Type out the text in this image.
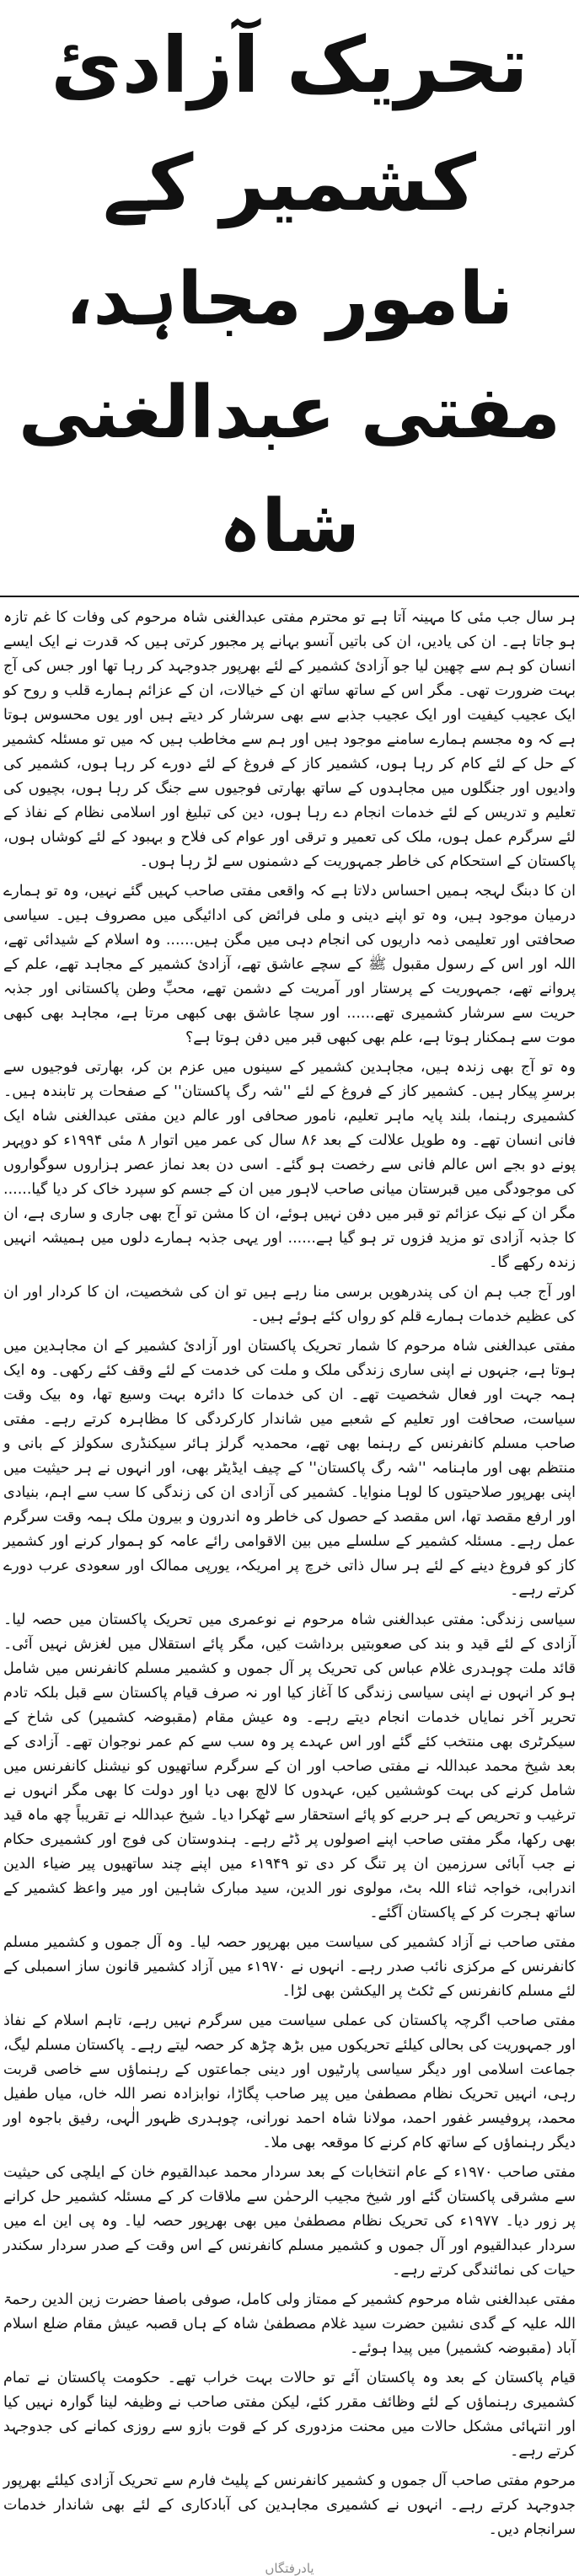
تحریک آزادیٔ کشمیر کے
نامور مجاہد، مفتی عبدالغنی شاہ

ہر سال جب مئی کا مہینہ آتا ہے تو محترم مفتی عبدالغنی شاہ مرحوم کی وفات کا غم تازہ ہو جاتا ہے۔ ان کی یادیں، ان کی باتیں آنسو بہانے پر مجبور کرتی ہیں کہ قدرت نے ایک ایسے انسان کو ہم سے چھین لیا جو آزادیٔ کشمیر کے لئے بھرپور جدوجہد کر رہا تھا اور جس کی آج بہت ضرورت تھی۔ مگر اس کے ساتھ ساتھ ان کے خیالات، ان کے عزائم ہمارے قلب و روح کو ایک عجیب کیفیت اور ایک عجیب جذبے سے بھی سرشار کر دیتے ہیں اور یوں محسوس ہوتا ہے کہ وہ مجسم ہمارے سامنے موجود ہیں اور ہم سے مخاطب ہیں کہ میں تو مسئلہ کشمیر کے حل کے لئے کام کر رہا ہوں، کشمیر کاز کے فروغ کے لئے دورے کر رہا ہوں، کشمیر کی وادیوں اور جنگلوں میں مجاہدوں کے ساتھ بھارتی فوجیوں سے جنگ کر رہا ہوں، بچیوں کی تعلیم و تدریس کے لئے خدمات انجام دے رہا ہوں، دین کی تبلیغ اور اسلامی نظام کے نفاذ کے لئے سرگرم عمل ہوں، ملک کی تعمیر و ترقی اور عوام کی فلاح و بہبود کے لئے کوشاں ہوں، پاکستان کے استحکام کی خاطر جمہوریت کے دشمنوں سے لڑ رہا ہوں۔

ان کا دبنگ لہجہ ہمیں احساس دلاتا ہے کہ واقعی مفتی صاحب کہیں گئے نہیں، وہ تو ہمارے درمیان موجود ہیں، وہ تو اپنے دینی و ملی فرائض کی ادائیگی میں مصروف ہیں۔ سیاسی صحافتی اور تعلیمی ذمہ داریوں کی انجام دہی میں مگن ہیں...... وہ اسلام کے شیدائی تھے، اللہ اور اس کے رسول مقبول ﷺ کے سچے عاشق تھے، آزادیٔ کشمیر کے مجاہد تھے، علم کے پروانے تھے، جمہوریت کے پرستار اور آمریت کے دشمن تھے، محبِّ وطن پاکستانی اور جذبہ حریت سے سرشار کشمیری تھے...... اور سچا عاشق بھی کبھی مرتا ہے، مجاہد بھی کبھی موت سے ہمکنار ہوتا ہے، علم بھی کبھی قبر میں دفن ہوتا ہے؟

وہ تو آج بھی زندہ ہیں، مجاہدین کشمیر کے سینوں میں عزم بن کر، بھارتی فوجیوں سے برسرِ پیکار ہیں۔ کشمیر کاز کے فروغ کے لئے ''شہ رگ پاکستان'' کے صفحات پر تابندہ ہیں۔ کشمیری رہنما، بلند پایہ ماہر تعلیم، نامور صحافی اور عالم دین مفتی عبدالغنی شاہ ایک فانی انسان تھے۔ وہ طویل علالت کے بعد ۸۶ سال کی عمر میں اتوار ۸ مئی ۱۹۹۴ء کو دوپہر پونے دو بجے اس عالم فانی سے رخصت ہو گئے۔ اسی دن بعد نماز عصر ہزاروں سوگواروں کی موجودگی میں قبرستان میانی صاحب لاہور میں ان کے جسم کو سپرد خاک کر دیا گیا...... مگر ان کے نیک عزائم تو قبر میں دفن نہیں ہوئے، ان کا مشن تو آج بھی جاری و ساری ہے، ان کا جذبہ آزادی تو مزید فزوں تر ہو گیا ہے...... اور یہی جذبہ ہمارے دلوں میں ہمیشہ انہیں زندہ رکھے گا۔

اور آج جب ہم ان کی پندرھویں برسی منا رہے ہیں تو ان کی شخصیت، ان کا کردار اور ان کی عظیم خدمات ہمارے قلم کو رواں کئے ہوئے ہیں۔

مفتی عبدالغنی شاہ مرحوم کا شمار تحریک پاکستان اور آزادیٔ کشمیر کے ان مجاہدین میں ہوتا ہے، جنہوں نے اپنی ساری زندگی ملک و ملت کی خدمت کے لئے وقف کئے رکھی۔ وہ ایک ہمہ جہت اور فعال شخصیت تھے۔ ان کی خدمات کا دائرہ بہت وسیع تھا، وہ بیک وقت سیاست، صحافت اور تعلیم کے شعبے میں شاندار کارکردگی کا مظاہرہ کرتے رہے۔ مفتی صاحب مسلم کانفرنس کے رہنما بھی تھے، محمدیہ گرلز ہائر سیکنڈری سکولز کے بانی و منتظم بھی اور ماہنامہ ''شہ رگ پاکستان'' کے چیف ایڈیٹر بھی، اور انہوں نے ہر حیثیت میں اپنی بھرپور صلاحیتوں کا لوہا منوایا۔ کشمیر کی آزادی ان کی زندگی کا سب سے اہم، بنیادی اور ارفع مقصد تھا، اس مقصد کے حصول کی خاطر وہ اندرون و بیرون ملک ہمہ وقت سرگرم عمل رہے۔ مسئلہ کشمیر کے سلسلے میں بین الاقوامی رائے عامہ کو ہموار کرنے اور کشمیر کاز کو فروغ دینے کے لئے ہر سال ذاتی خرچ پر امریکہ، یورپی ممالک اور سعودی عرب دورے کرتے رہے۔

سیاسی زندگی: مفتی عبدالغنی شاہ مرحوم نے نوعمری میں تحریک پاکستان میں حصہ لیا۔ آزادی کے لئے قید و بند کی صعوبتیں برداشت کیں، مگر پائے استقلال میں لغزش نہیں آئی۔ قائد ملت چوہدری غلام عباس کی تحریک پر آل جموں و کشمیر مسلم کانفرنس میں شامل ہو کر انہوں نے اپنی سیاسی زندگی کا آغاز کیا اور نہ صرف قیام پاکستان سے قبل بلکہ تادم تحریر آخر نمایاں خدمات انجام دیتے رہے۔ وہ عیش مقام (مقبوضہ کشمیر) کی شاخ کے سیکرٹری بھی منتخب کئے گئے اور اس عہدے پر وہ سب سے کم عمر نوجوان تھے۔ آزادی کے بعد شیخ محمد عبداللہ نے مفتی صاحب اور ان کے سرگرم ساتھیوں کو نیشنل کانفرنس میں شامل کرنے کی بہت کوششیں کیں، عہدوں کا لالچ بھی دیا اور دولت کا بھی مگر انہوں نے ترغیب و تحریص کے ہر حربے کو پائے استحقار سے ٹھکرا دیا۔ شیخ عبداللہ نے تقریباً چھ ماہ قید بھی رکھا، مگر مفتی صاحب اپنے اصولوں پر ڈٹے رہے۔ ہندوستان کی فوج اور کشمیری حکام نے جب آبائی سرزمین ان پر تنگ کر دی تو ۱۹۴۹ء میں اپنے چند ساتھیوں پیر ضیاء الدین اندرابی، خواجہ ثناء اللہ بٹ، مولوی نور الدین، سید مبارک شاہین اور میر واعظ کشمیر کے ساتھ ہجرت کر کے پاکستان آگئے۔

مفتی صاحب نے آزاد کشمیر کی سیاست میں بھرپور حصہ لیا۔ وہ آل جموں و کشمیر مسلم کانفرنس کے مرکزی نائب صدر رہے۔ انہوں نے ۱۹۷۰ء میں آزاد کشمیر قانون ساز اسمبلی کے لئے مسلم کانفرنس کے ٹکٹ پر الیکشن بھی لڑا۔

مفتی صاحب اگرچہ پاکستان کی عملی سیاست میں سرگرم نہیں رہے، تاہم اسلام کے نفاذ اور جمہوریت کی بحالی کیلئے تحریکوں میں بڑھ چڑھ کر حصہ لیتے رہے۔ پاکستان مسلم لیگ، جماعت اسلامی اور دیگر سیاسی پارٹیوں اور دینی جماعتوں کے رہنماؤں سے خاصی قربت رہی، انہیں تحریک نظام مصطفیٰ میں پیر صاحب پگاڑا، نوابزادہ نصر اللہ خاں، میاں طفیل محمد، پروفیسر غفور احمد، مولانا شاہ احمد نورانی، چوہدری ظہور الٰہی، رفیق باجوہ اور دیگر رہنماؤں کے ساتھ کام کرنے کا موقعہ بھی ملا۔

مفتی صاحب ۱۹۷۰ء کے عام انتخابات کے بعد سردار محمد عبدالقیوم خان کے ایلچی کی حیثیت سے مشرقی پاکستان گئے اور شیخ مجیب الرحمٰن سے ملاقات کر کے مسئلہ کشمیر حل کرانے پر زور دیا۔ ۱۹۷۷ء کی تحریک نظام مصطفیٰ میں بھی بھرپور حصہ لیا۔ وہ پی این اے میں سردار عبدالقیوم اور آل جموں و کشمیر مسلم کانفرنس کے اس وقت کے صدر سردار سکندر حیات کی نمائندگی کرتے رہے۔

مفتی عبدالغنی شاہ مرحوم کشمیر کے ممتاز ولی کامل، صوفی باصفا حضرت زین الدین رحمۃ اللہ علیہ کے گدی نشین حضرت سید غلام مصطفیٰ شاہ کے ہاں قصبہ عیش مقام ضلع اسلام آباد (مقبوضہ کشمیر) میں پیدا ہوئے۔

قیام پاکستان کے بعد وہ پاکستان آئے تو حالات بہت خراب تھے۔ حکومت پاکستان نے تمام کشمیری رہنماؤں کے لئے وظائف مقرر کئے، لیکن مفتی صاحب نے وظیفہ لینا گوارہ نہیں کیا اور انتہائی مشکل حالات میں محنت مزدوری کر کے قوت بازو سے روزی کمانے کی جدوجہد کرتے رہے۔

مرحوم مفتی صاحب آل جموں و کشمیر کانفرنس کے پلیٹ فارم سے تحریک آزادی کیلئے بھرپور جدوجہد کرتے رہے۔ انہوں نے کشمیری مجاہدین کی آبادکاری کے لئے بھی شاندار خدمات سرانجام دیں۔

یادرفتگاں
